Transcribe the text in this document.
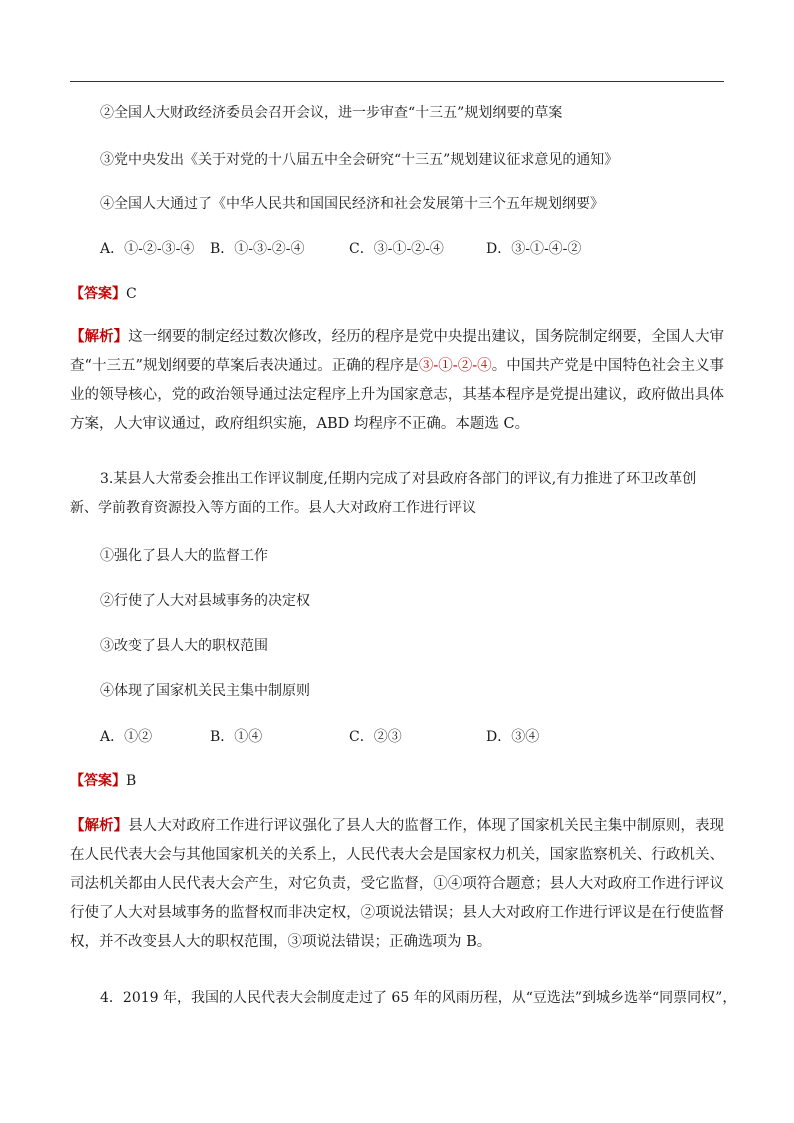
②全国人大财政经济委员会召开会议，进一步审查“十三五”规划纲要的草案
③党中央发出《关于对党的十八届五中全会研究“十三五”规划建议征求意见的通知》
④全国人大通过了《中华人民共和国国民经济和社会发展第十三个五年规划纲要》
A．①-②-③-④ B．①-③-②-④	C．③-①-②-④	D．③-①-④-②
【答案】C
【解析】这一纲要的制定经过数次修改，经历的程序是党中央提出建议，国务院制定纲要，全国人大审查“十三五”规划纲要的草案后表决通过。正确的程序是③-①-②-④。中国共产党是中国特色社会主义事业的领导核心，党的政治领导通过法定程序上升为国家意志，其基本程序是党提出建议，政府做出具体方案，人大审议通过，政府组织实施，ABD 均程序不正确。本题选 C。
3.某县人大常委会推出工作评议制度,任期内完成了对县政府各部门的评议,有力推进了环卫改革创新、学前教育资源投入等方面的工作。县人大对政府工作进行评议
①强化了县人大的监督工作
②行使了人大对县域事务的决定权
③改变了县人大的职权范围
④体现了国家机关民主集中制原则
A．①②	B．①④	C．②③	D．③④
【答案】B
【解析】县人大对政府工作进行评议强化了县人大的监督工作，体现了国家机关民主集中制原则，表现在人民代表大会与其他国家机关的关系上，人民代表大会是国家权力机关，国家监察机关、行政机关、司法机关都由人民代表大会产生，对它负责，受它监督，①④项符合题意；县人大对政府工作进行评议行使了人大对县域事务的监督权而非决定权，②项说法错误；县人大对政府工作进行评议是在行使监督权，并不改变县人大的职权范围，③项说法错误；正确选项为 B。
4．2019 年，我国的人民代表大会制度走过了 65 年的风雨历程，从“豆选法”到城乡选举“同票同权”，
